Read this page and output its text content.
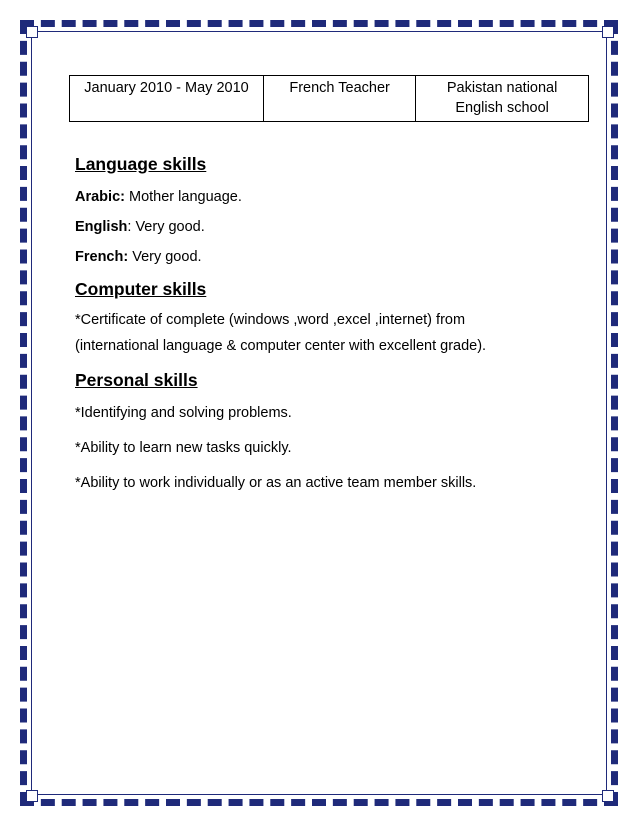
January 2010 - May 2010	French Teacher	Pakistan national
English school

Language skills

Arabic: Mother language.

English: Very good.

French: Very good.

Computer skills

*Certificate of complete (windows ,word ,excel ,internet) from

(international language & computer center with excellent grade).

Personal skills

*Identifying and solving problems.

*Ability to learn new tasks quickly.

*Ability to work individually or as an active team member skills.
